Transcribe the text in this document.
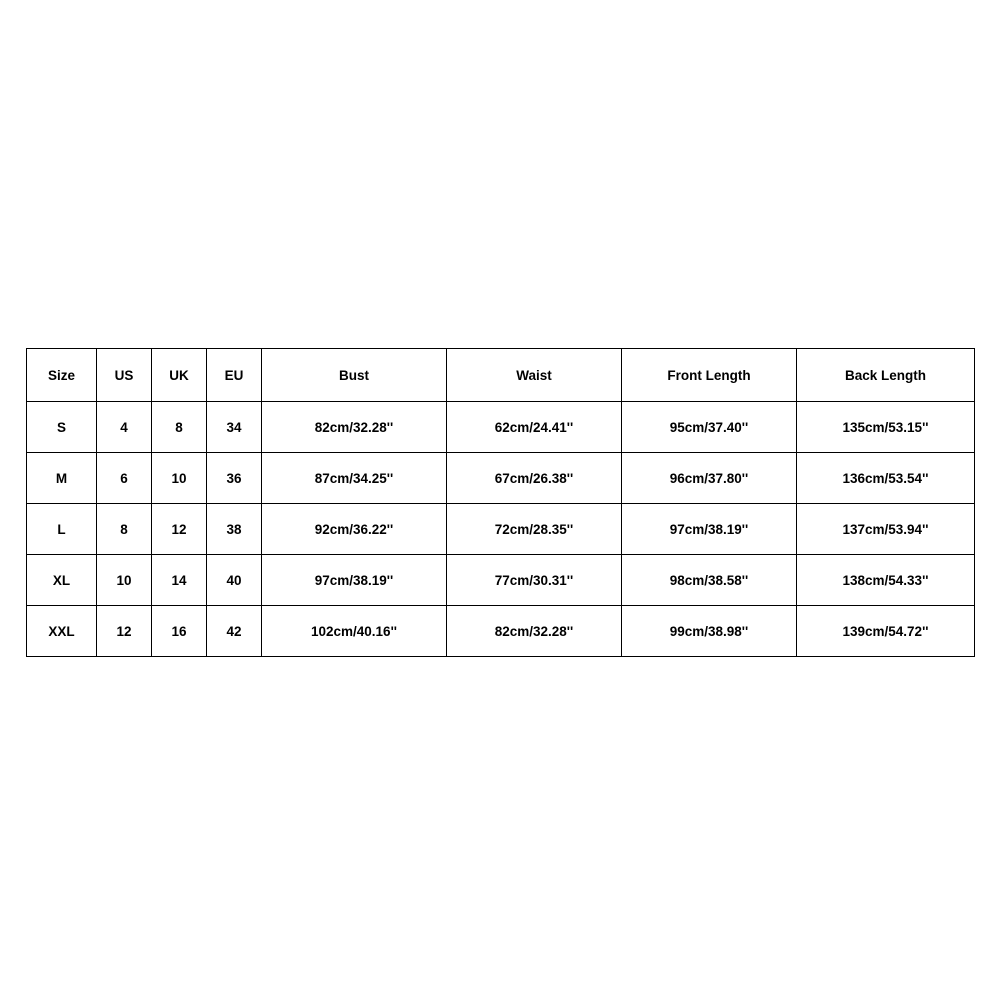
Size	US	UK	EU	Bust	Waist	Front Length	Back Length
S	4	8	34	82cm/32.28''	62cm/24.41''	95cm/37.40''	135cm/53.15''
M	6	10	36	87cm/34.25''	67cm/26.38''	96cm/37.80''	136cm/53.54''
L	8	12	38	92cm/36.22''	72cm/28.35''	97cm/38.19''	137cm/53.94''
XL	10	14	40	97cm/38.19''	77cm/30.31''	98cm/38.58''	138cm/54.33''
XXL	12	16	42	102cm/40.16''	82cm/32.28''	99cm/38.98''	139cm/54.72''
